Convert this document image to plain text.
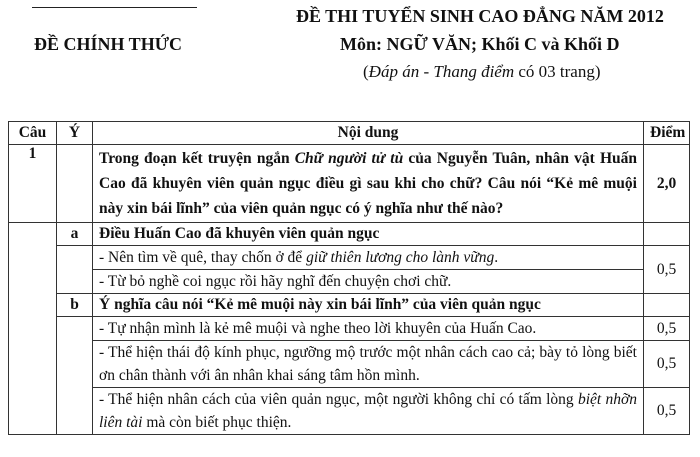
ĐỀ CHÍNH THỨC
ĐỀ THI TUYỂN SINH CAO ĐẲNG NĂM 2012
Môn: NGỮ VĂN; Khối C và Khối D
(Đáp án - Thang điểm có 03 trang)
Câu	Ý	Nội dung	Điểm
1		Trong đoạn kết truyện ngắn Chữ người tử tù của Nguyễn Tuân, nhân vật Huấn Cao đã khuyên viên quản ngục điều gì sau khi cho chữ? Câu nói “Kẻ mê muội này xin bái lĩnh” của viên quản ngục có ý nghĩa như thế nào?	2,0
	a	Điều Huấn Cao đã khuyên viên quản ngục	
		- Nên tìm về quê, thay chốn ở để giữ thiên lương cho lành vững.	0,5
		- Từ bỏ nghề coi ngục rồi hãy nghĩ đến chuyện chơi chữ.	
	b	Ý nghĩa câu nói “Kẻ mê muội này xin bái lĩnh” của viên quản ngục	
		- Tự nhận mình là kẻ mê muội và nghe theo lời khuyên của Huấn Cao.	0,5
		- Thể hiện thái độ kính phục, ngưỡng mộ trước một nhân cách cao cả; bày tỏ lòng biết ơn chân thành với ân nhân khai sáng tâm hồn mình.	0,5
		- Thể hiện nhân cách của viên quản ngục, một người không chỉ có tấm lòng biệt nhỡn liên tài mà còn biết phục thiện.	0,5
